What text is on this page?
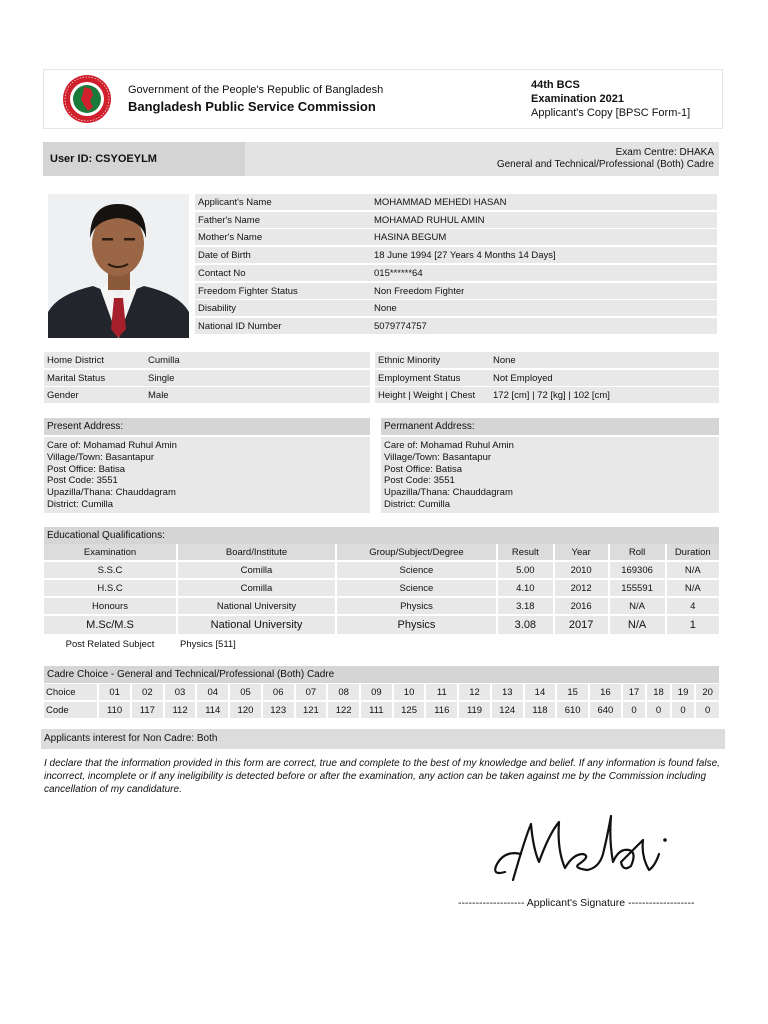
Government of the People's Republic of Bangladesh
Bangladesh Public Service Commission
44th BCS
Examination 2021
Applicant's Copy [BPSC Form-1]
User ID: CSYOEYLM
Exam Centre: DHAKA
General and Technical/Professional (Both) Cadre
Applicant's Name	MOHAMMAD MEHEDI HASAN
Father's Name	MOHAMAD RUHUL AMIN
Mother's Name	HASINA BEGUM
Date of Birth	18 June 1994 [27 Years 4 Months 14 Days]
Contact No	015******64
Freedom Fighter Status	Non Freedom Fighter
Disability	None
National ID Number	5079774757
Home District	Cumilla
Marital Status	Single
Gender	Male
Ethnic Minority	None
Employment Status	Not Employed
Height | Weight | Chest 172 [cm] | 72 [kg] | 102 [cm]
Present Address:
Care of: Mohamad Ruhul Amin
Village/Town: Basantapur
Post Office: Batisa
Post Code: 3551
Upazilla/Thana: Chauddagram
District: Cumilla
Permanent Address:
Care of: Mohamad Ruhul Amin
Village/Town: Basantapur
Post Office: Batisa
Post Code: 3551
Upazilla/Thana: Chauddagram
District: Cumilla
Educational Qualifications:
Examination	Board/Institute	Group/Subject/Degree	Result	Year	Roll	Duration
S.S.C	Comilla	Science	5.00	2010	169306	N/A
H.S.C	Comilla	Science	4.10	2012	155591	N/A
Honours	National University	Physics	3.18	2016	N/A	4
M.Sc/M.S	National University	Physics	3.08	2017	N/A	1
Post Related Subject	Physics [511]					
Cadre Choice - General and Technical/Professional (Both) Cadre
Choice	01	02	03	04	05	06	07	08	09	10	11	12	13	14	15	16	17	18	19	20
Code	110	117	112	114	120	123	121	122	111	125	116	119	124	118	610	640	0	0	0	0
Applicants interest for Non Cadre: Both
I declare that the information provided in this form are correct, true and complete to the best of my knowledge and belief. If any information is found false, incorrect, incomplete or if any ineligibility is detected before or after the examination, any action can be taken against me by the Commission including cancellation of my candidature.
------------------- Applicant's Signature -------------------
